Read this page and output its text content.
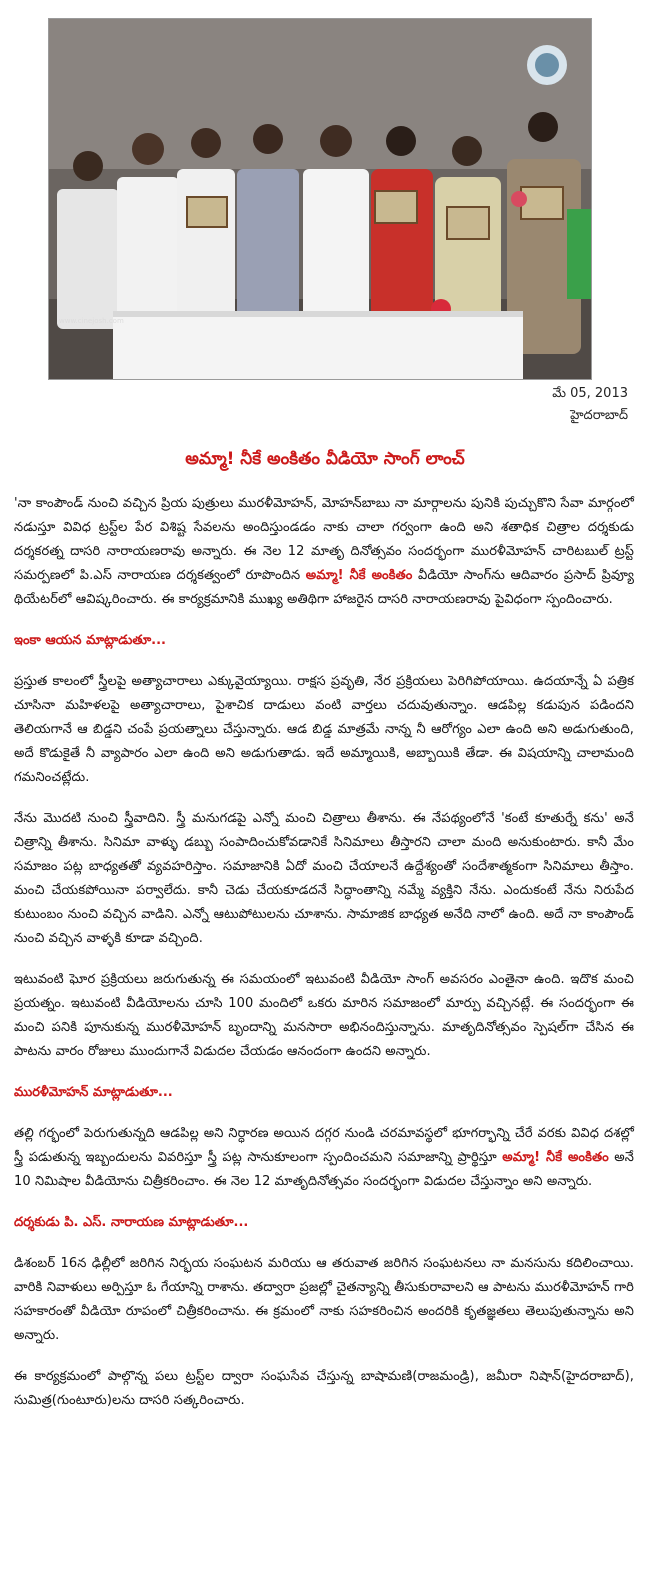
www.cinejosh.com
మే 05, 2013
హైదరాబాద్
అమ్మా! నీకే అంకితం వీడియో సాంగ్ లాంచ్

'నా కాంపౌండ్ నుంచి వచ్చిన ప్రియ పుత్రులు మురళీమోహన్, మోహన్‌బాబు నా మార్గాలను పునికి పుచ్చుకొని సేవా మార్గంలో నడుస్తూ వివిధ ట్రస్ట్‌ల పేర విశిష్ట సేవలను అందిస్తుండడం నాకు చాలా గర్వంగా ఉంది అని శతాధిక చిత్రాల దర్శకుడు దర్శకరత్న దాసరి నారాయణరావు అన్నారు. ఈ నెల 12 మాతృ దినోత్సవం సందర్భంగా మురళీమోహన్ చారిటబుల్ ట్రస్ట్ సమర్పణలో పి.ఎస్ నారాయణ దర్శకత్వంలో రూపొందిన అమ్మా! నీకే అంకితం వీడియో సాంగ్‌ను ఆదివారం ప్రసాద్ ప్రివ్యూ థియేటర్‌లో ఆవిష్కరించారు. ఈ కార్యక్రమానికి ముఖ్య అతిథిగా హాజరైన దాసరి నారాయణరావు పైవిధంగా స్పందించారు.

ఇంకా ఆయన మాట్లాడుతూ...

ప్రస్తుత కాలంలో స్త్రీలపై అత్యాచారాలు ఎక్కువైయ్యాయి. రాక్షస ప్రవృతి, నేర ప్రక్రియలు పెరిగిపోయాయి. ఉదయాన్నే ఏ పత్రిక చూసినా మహిళలపై అత్యాచారాలు, పైశాచిక దాడులు వంటి వార్తలు చదువుతున్నాం. ఆడపిల్ల కడుపున పడిందని తెలియగానే ఆ బిడ్డని చంపే ప్రయత్నాలు చేస్తున్నారు. ఆడ బిడ్డ మాత్రమే నాన్న నీ ఆరోగ్యం ఎలా ఉంది అని అడుగుతుంది, అదే కొడుకైతే నీ వ్యాపారం ఎలా ఉంది అని అడుగుతాడు. ఇదే అమ్మాయికి, అబ్బాయికి తేడా. ఈ విషయాన్ని చాలామంది గమనించట్లేదు.

నేను మొదటి నుంచి స్త్రీవాదిని. స్త్రీ మనుగడపై ఎన్నో మంచి చిత్రాలు తీశాను. ఈ నేపథ్యంలోనే 'కంటే కూతుర్నే కను' అనే చిత్రాన్ని తీశాను. సినిమా వాళ్ళు డబ్బు సంపాదించుకోవడానికే సినిమాలు తీస్తారని చాలా మంది అనుకుంటారు. కానీ మేం సమాజం పట్ల బాధ్యతతో వ్యవహరిస్తాం. సమాజానికి ఏదో మంచి చేయాలనే ఉద్దేశ్యంతో సందేశాత్మకంగా సినిమాలు తీస్తాం. మంచి చేయకపోయినా పర్వాలేదు. కానీ చెడు చేయకూడదనే సిద్ధాంతాన్ని నమ్మే వ్యక్తిని నేను. ఎందుకంటే నేను నిరుపేద కుటుంబం నుంచి వచ్చిన వాడిని. ఎన్నో ఆటుపోటులను చూశాను. సామాజిక బాధ్యత అనేది నాలో ఉంది. అదే నా కాంపౌండ్ నుంచి వచ్చిన వాళ్ళకి కూడా వచ్చింది.

ఇటువంటి ఘోర ప్రక్రియలు జరుగుతున్న ఈ సమయంలో ఇటువంటి వీడియో సాంగ్ అవసరం ఎంతైనా ఉంది. ఇదొక మంచి ప్రయత్నం. ఇటువంటి వీడియోలను చూసి 100 మందిలో ఒకరు మారిన సమాజంలో మార్పు వచ్చినట్లే. ఈ సందర్భంగా ఈ మంచి పనికి పూనుకున్న మురళీమోహన్ బృందాన్ని మనసారా అభినందిస్తున్నాను. మాతృదినోత్సవం స్పెషల్‌గా చేసిన ఈ పాటను వారం రోజులు ముందుగానే విడుదల చేయడం ఆనందంగా ఉందని అన్నారు.

మురళీమోహన్ మాట్లాడుతూ...

తల్లి గర్భంలో పెరుగుతున్నది ఆడపిల్ల అని నిర్ధారణ అయిన దగ్గర నుండి చరమావస్థలో భూగర్భాన్ని చేరే వరకు వివిధ దశల్లో స్త్రీ పడుతున్న ఇబ్బందులను వివరిస్తూ స్త్రీ పట్ల సానుకూలంగా స్పందించమని సమాజాన్ని ప్రార్థిస్తూ అమ్మా! నీకే అంకితం అనే 10 నిమిషాల వీడియోను చిత్రీకరించాం. ఈ నెల 12 మాతృదినోత్సవం సందర్భంగా విడుదల చేస్తున్నాం అని అన్నారు.

దర్శకుడు పి. ఎస్. నారాయణ మాట్లాడుతూ...

డిశంబర్ 16న ఢిల్లీలో జరిగిన నిర్భయ సంఘటన మరియు ఆ తరువాత జరిగిన సంఘటనలు నా మనసును కదిలించాయి. వారికి నివాళులు అర్పిస్తూ ఓ గేయాన్ని రాశాను. తద్వారా ప్రజల్లో చైతన్యాన్ని తీసుకురావాలని ఆ పాటను మురళీమోహన్ గారి సహకారంతో వీడియో రూపంలో చిత్రీకరించాను. ఈ క్రమంలో నాకు సహకరించిన అందరికి కృతజ్ఞతలు తెలుపుతున్నాను అని అన్నారు.

ఈ కార్యక్రమంలో పాల్గొన్న పలు ట్రస్ట్‌ల ద్వారా సంఘసేవ చేస్తున్న బాషామణి(రాజమండ్రి), జమీరా నిషాన్(హైదరాబాద్), సుమిత్ర(గుంటూరు)లను దాసరి సత్కరించారు.
